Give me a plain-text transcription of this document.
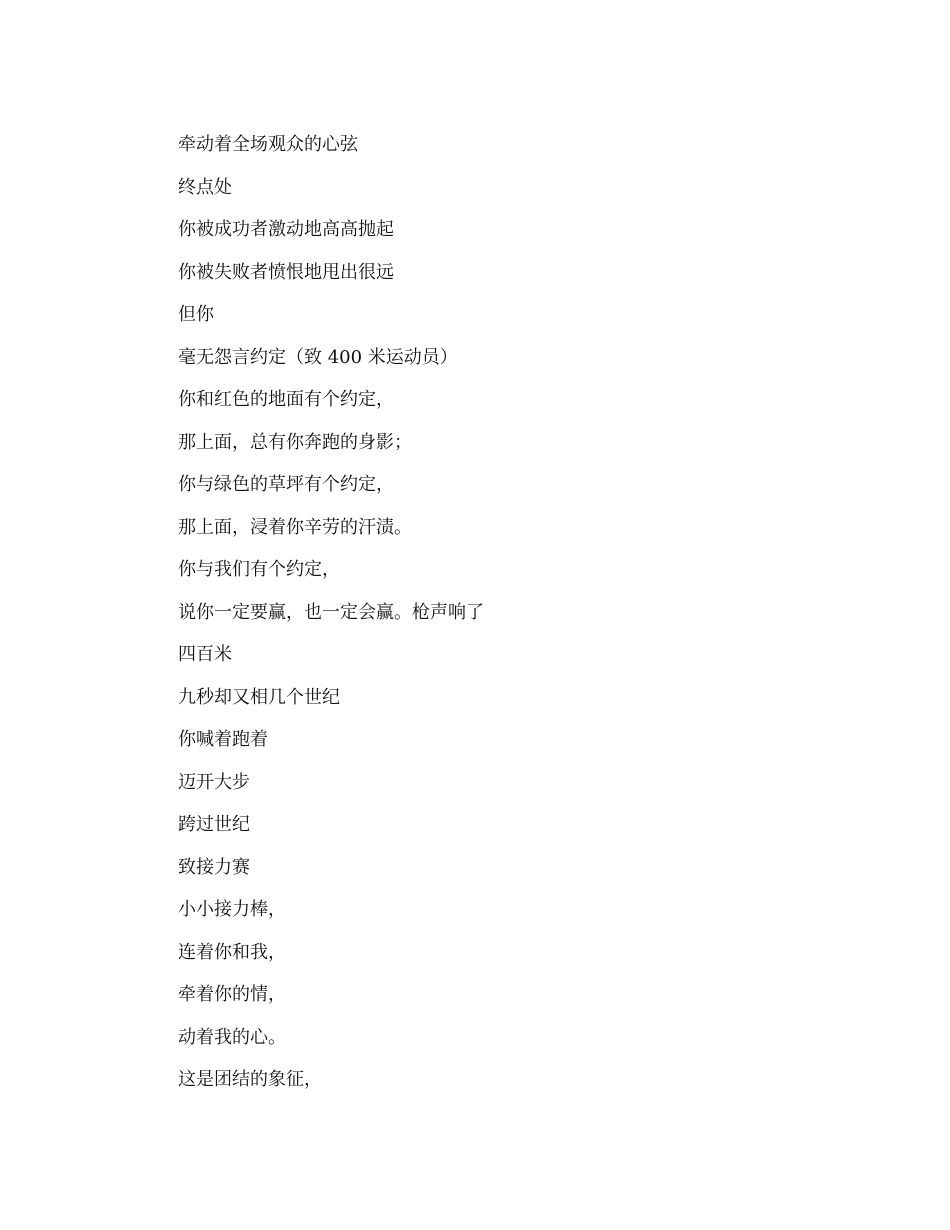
牵动着全场观众的心弦
终点处
你被成功者激动地高高抛起
你被失败者愤恨地甩出很远
但你
毫无怨言约定（致 400 米运动员）
你和红色的地面有个约定，
那上面，总有你奔跑的身影；
你与绿色的草坪有个约定，
那上面，浸着你辛劳的汗渍。
你与我们有个约定，
说你一定要赢，也一定会赢。枪声响了
四百米
九秒却又相几个世纪
你喊着跑着
迈开大步
跨过世纪
致接力赛
小小接力棒，
连着你和我，
牵着你的情，
动着我的心。
这是团结的象征，
